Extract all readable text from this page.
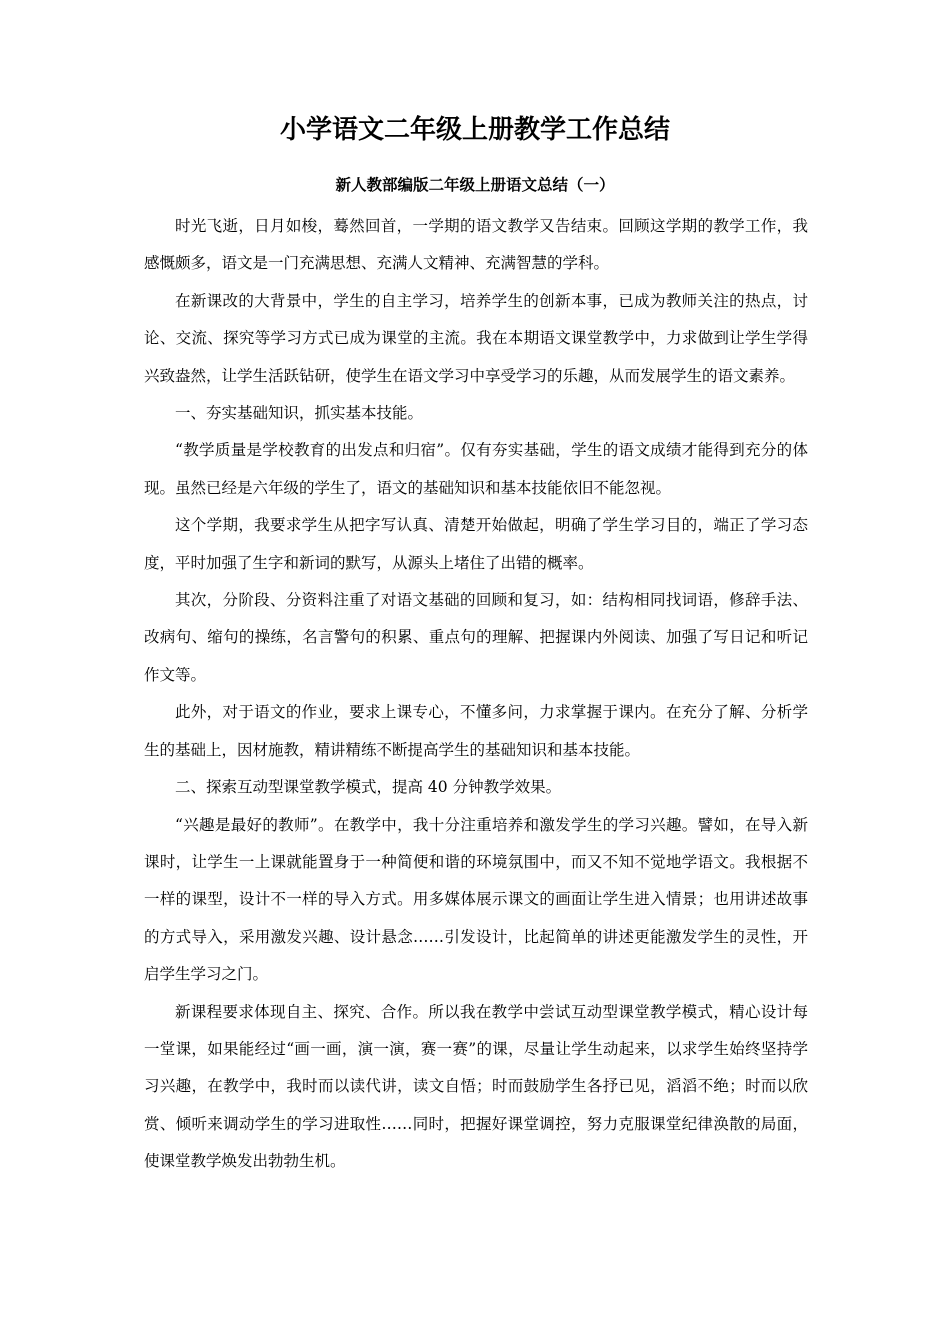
小学语文二年级上册教学工作总结
新人教部编版二年级上册语文总结（一）

时光飞逝，日月如梭，蓦然回首，一学期的语文教学又告结束。回顾这学期的教学工作，我感慨颇多，语文是一门充满思想、充满人文精神、充满智慧的学科。

在新课改的大背景中，学生的自主学习，培养学生的创新本事，已成为教师关注的热点，讨论、交流、探究等学习方式已成为课堂的主流。我在本期语文课堂教学中，力求做到让学生学得兴致盎然，让学生活跃钻研，使学生在语文学习中享受学习的乐趣，从而发展学生的语文素养。

一、夯实基础知识，抓实基本技能。

“教学质量是学校教育的出发点和归宿”。仅有夯实基础，学生的语文成绩才能得到充分的体现。虽然已经是六年级的学生了，语文的基础知识和基本技能依旧不能忽视。

这个学期，我要求学生从把字写认真、清楚开始做起，明确了学生学习目的，端正了学习态度，平时加强了生字和新词的默写，从源头上堵住了出错的概率。

其次，分阶段、分资料注重了对语文基础的回顾和复习，如：结构相同找词语，修辞手法、改病句、缩句的操练，名言警句的积累、重点句的理解、把握课内外阅读、加强了写日记和听记作文等。

此外，对于语文的作业，要求上课专心，不懂多问，力求掌握于课内。在充分了解、分析学生的基础上，因材施教，精讲精练不断提高学生的基础知识和基本技能。

二、探索互动型课堂教学模式，提高 40 分钟教学效果。

“兴趣是最好的教师”。在教学中，我十分注重培养和激发学生的学习兴趣。譬如，在导入新课时，让学生一上课就能置身于一种简便和谐的环境氛围中，而又不知不觉地学语文。我根据不一样的课型，设计不一样的导入方式。用多媒体展示课文的画面让学生进入情景；也用讲述故事的方式导入，采用激发兴趣、设计悬念……引发设计，比起简单的讲述更能激发学生的灵性，开启学生学习之门。

新课程要求体现自主、探究、合作。所以我在教学中尝试互动型课堂教学模式，精心设计每一堂课，如果能经过“画一画，演一演，赛一赛”的课，尽量让学生动起来，以求学生始终坚持学习兴趣，在教学中，我时而以读代讲，读文自悟；时而鼓励学生各抒已见，滔滔不绝；时而以欣赏、倾听来调动学生的学习进取性……同时，把握好课堂调控，努力克服课堂纪律涣散的局面，使课堂教学焕发出勃勃生机。
